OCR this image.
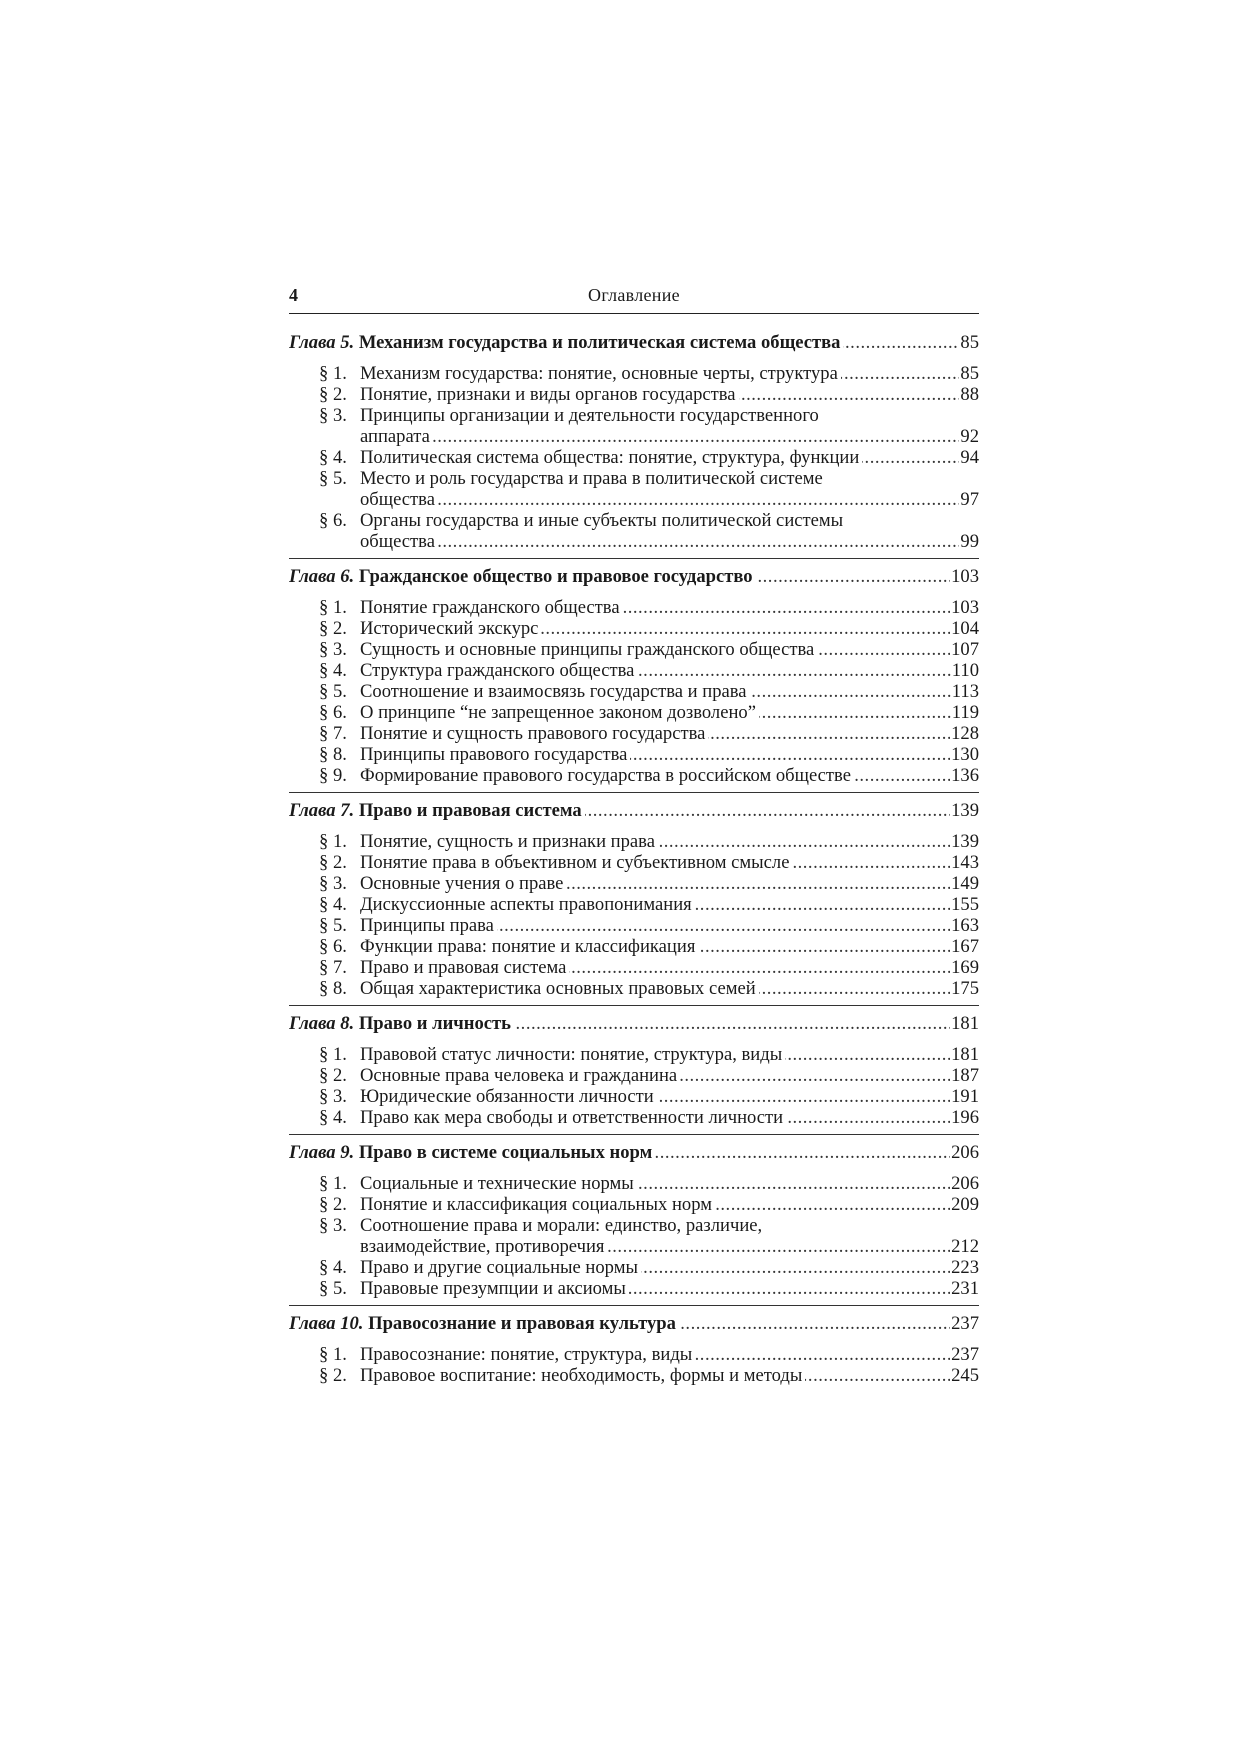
4	Оглавление
.....
Глава 5. Механизм государства и политическая система общества	85
§ 1. ..... Механизм государства: понятие, основные черты, структура	85
§ 2. ..... Понятие, признаки и виды органов государства	88
§ 3. Принципы организации и деятельности государственного
.....
аппарата	92
§ 4. ..... Политическая система общества: понятие, структура, функции	94
§ 5. Место и роль государства и права в политической системе
.....
общества	97
§ 6. Органы государства и иные субъекты политической системы
.....
общества	99
.....
Глава 6. Гражданское общество и правовое государство	103
§ 1. ..... Понятие гражданского общества	103
§ 2. ..... Исторический экскурс	104
§ 3. ..... Сущность и основные принципы гражданского общества	107
§ 4. ..... Структура гражданского общества	110
§ 5. ..... Соотношение и взаимосвязь государства и права	113
§ 6. ..... О принципе “не запрещенное законом дозволено”	119
§ 7. ..... Понятие и сущность правового государства	128
§ 8. ..... Принципы правового государства	130
§ 9. ..... Формирование правового государства в российском обществе	136
.....
Глава 7. Право и правовая система	139
§ 1. ..... Понятие, сущность и признаки права	139
§ 2. ..... Понятие права в объективном и субъективном смысле	143
§ 3. ..... Основные учения о праве	149
§ 4. ..... Дискуссионные аспекты правопонимания	155
§ 5. ..... Принципы права	163
§ 6. ..... Функции права: понятие и классификация	167
§ 7. ..... Право и правовая система	169
§ 8. ..... Общая характеристика основных правовых семей	175
.....
Глава 8. Право и личность	181
§ 1. ..... Правовой статус личности: понятие, структура, виды	181
§ 2. ..... Основные права человека и гражданина	187
§ 3. ..... Юридические обязанности личности	191
§ 4. ..... Право как мера свободы и ответственности личности	196
.....
Глава 9. Право в системе социальных норм	206
§ 1. ..... Социальные и технические нормы	206
§ 2. ..... Понятие и классификация социальных норм	209
§ 3. Соотношение права и морали: единство, различие,
.....
взаимодействие, противоречия	212
§ 4. ..... Право и другие социальные нормы	223
§ 5. ..... Правовые презумпции и аксиомы	231
.....
Глава 10. Правосознание и правовая культура	237
§ 1. ..... Правосознание: понятие, структура, виды	237
§ 2. ..... Правовое воспитание: необходимость, формы и методы	245
